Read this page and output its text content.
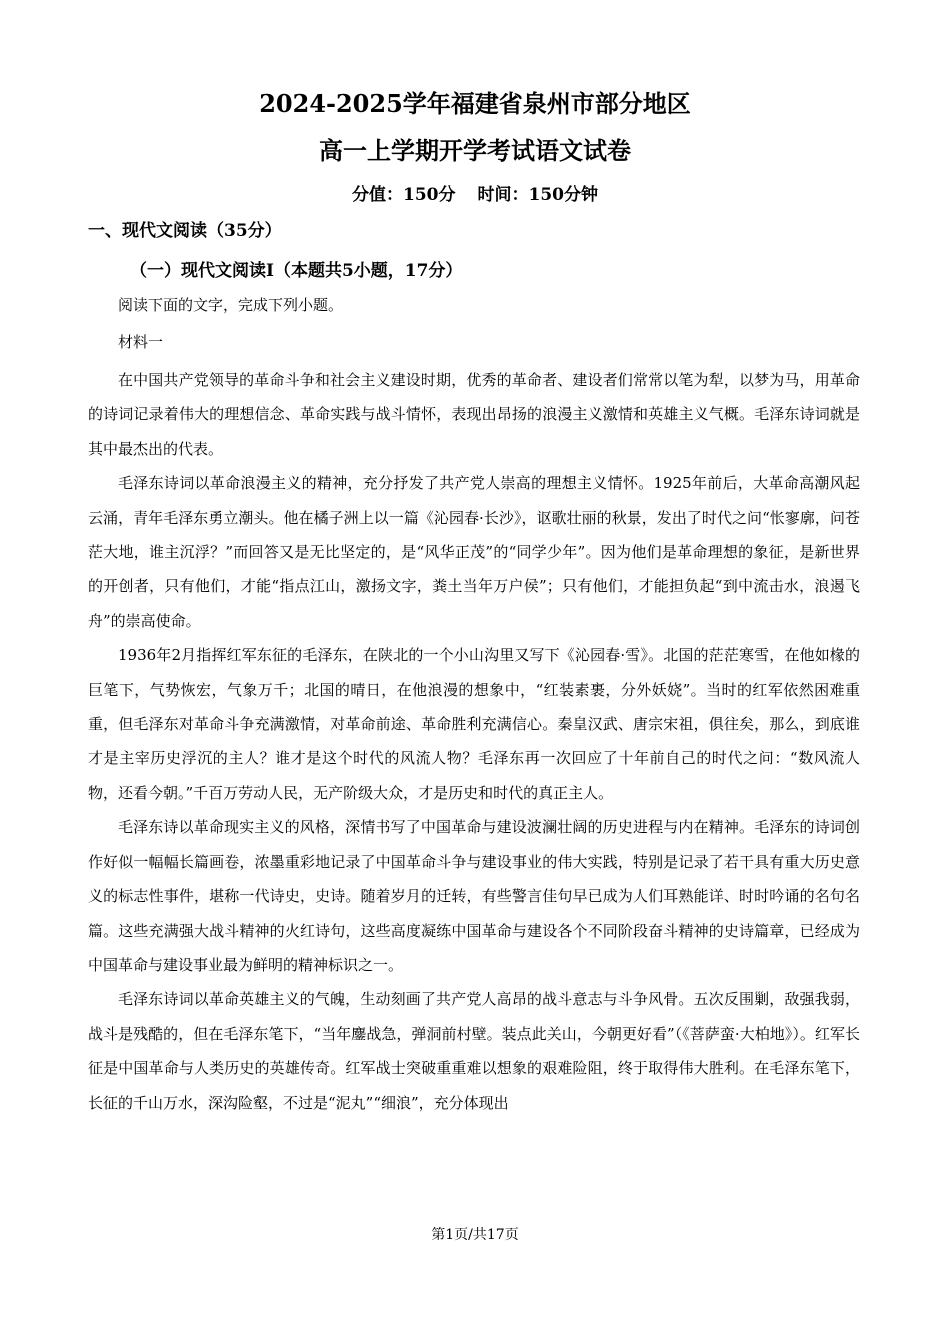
2024-2025学年福建省泉州市部分地区
高一上学期开学考试语文试卷
分值：150分 时间：150分钟
一、现代文阅读（35分）
（一）现代文阅读Ⅰ（本题共5小题，17分）
阅读下面的文字，完成下列小题。
材料一

在中国共产党领导的革命斗争和社会主义建设时期，优秀的革命者、建设者们常常以笔为犁，以梦为马，用革命的诗词记录着伟大的理想信念、革命实践与战斗情怀，表现出昂扬的浪漫主义激情和英雄主义气概。毛泽东诗词就是其中最杰出的代表。

毛泽东诗词以革命浪漫主义的精神，充分抒发了共产党人崇高的理想主义情怀。1925年前后，大革命高潮风起云涌，青年毛泽东勇立潮头。他在橘子洲上以一篇《沁园春·长沙》，讴歌壮丽的秋景，发出了时代之问“怅寥廓，问苍茫大地，谁主沉浮？”而回答又是无比坚定的，是“风华正茂”的“同学少年”。因为他们是革命理想的象征，是新世界的开创者，只有他们，才能“指点江山，激扬文字，粪土当年万户侯”；只有他们，才能担负起“到中流击水，浪遏飞舟”的崇高使命。

1936年2月指挥红军东征的毛泽东，在陕北的一个小山沟里又写下《沁园春·雪》。北国的茫茫寒雪，在他如椽的巨笔下，气势恢宏，气象万千；北国的晴日，在他浪漫的想象中，“红装素裹，分外妖娆”。当时的红军依然困难重重，但毛泽东对革命斗争充满激情，对革命前途、革命胜利充满信心。秦皇汉武、唐宗宋祖，俱往矣，那么，到底谁才是主宰历史浮沉的主人？谁才是这个时代的风流人物？毛泽东再一次回应了十年前自己的时代之问：“数风流人物，还看今朝。”千百万劳动人民，无产阶级大众，才是历史和时代的真正主人。

毛泽东诗以革命现实主义的风格，深情书写了中国革命与建设波澜壮阔的历史进程与内在精神。毛泽东的诗词创作好似一幅幅长篇画卷，浓墨重彩地记录了中国革命斗争与建设事业的伟大实践，特别是记录了若干具有重大历史意义的标志性事件，堪称一代诗史，史诗。随着岁月的迁转，有些警言佳句早已成为人们耳熟能详、时时吟诵的名句名篇。这些充满强大战斗精神的火红诗句，这些高度凝练中国革命与建设各个不同阶段奋斗精神的史诗篇章，已经成为中国革命与建设事业最为鲜明的精神标识之一。

毛泽东诗词以革命英雄主义的气魄，生动刻画了共产党人高昂的战斗意志与斗争风骨。五次反围剿，敌强我弱，战斗是残酷的，但在毛泽东笔下，“当年鏖战急，弹洞前村壁。装点此关山，今朝更好看”（《菩萨蛮·大柏地》）。红军长征是中国革命与人类历史的英雄传奇。红军战士突破重重难以想象的艰难险阻，终于取得伟大胜利。在毛泽东笔下，长征的千山万水，深沟险壑，不过是“泥丸”“细浪”，充分体现出

第1页/共17页
